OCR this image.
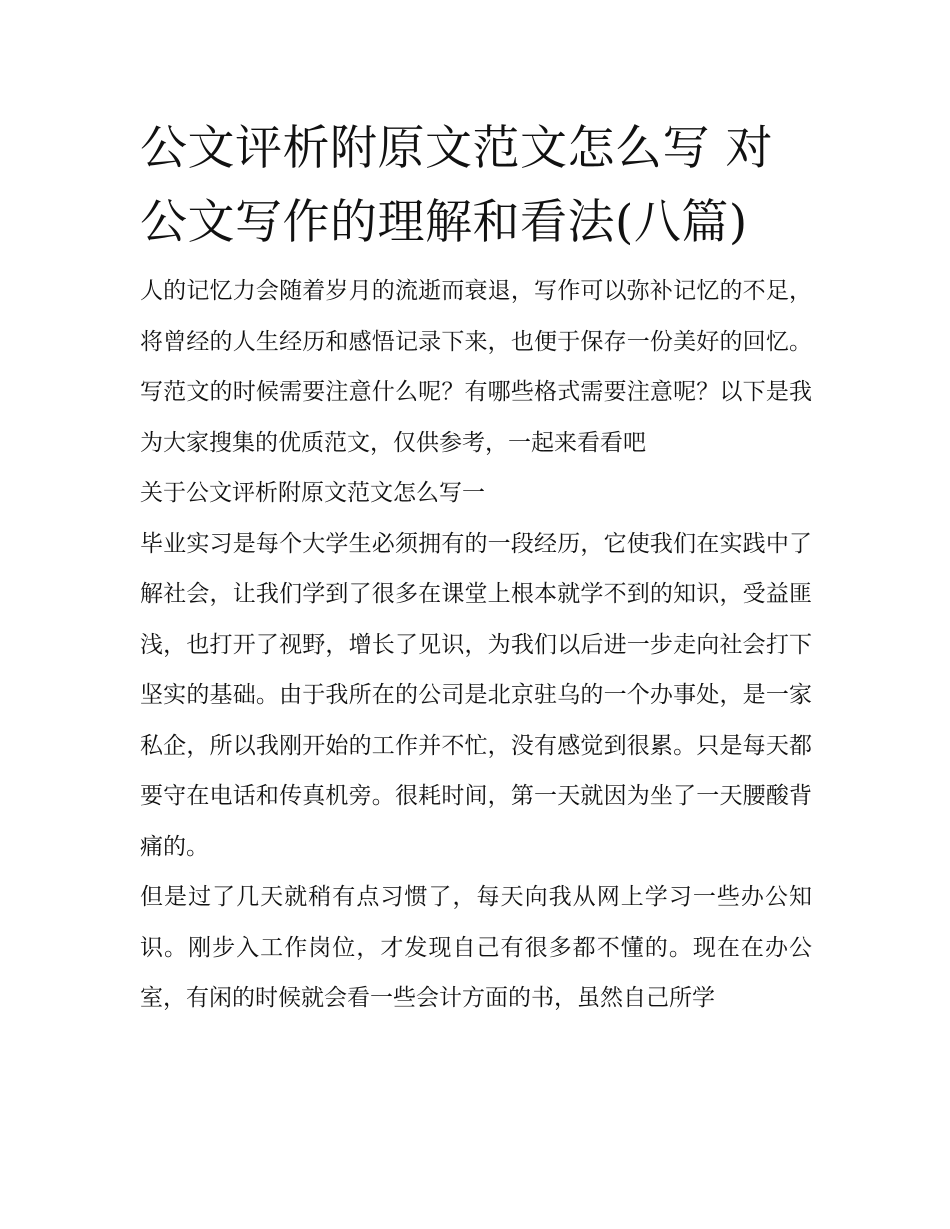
公文评析附原文范文怎么写 对公文写作的理解和看法(八篇)

人的记忆力会随着岁月的流逝而衰退，写作可以弥补记忆的不足，将曾经的人生经历和感悟记录下来，也便于保存一份美好的回忆。写范文的时候需要注意什么呢？有哪些格式需要注意呢？以下是我为大家搜集的优质范文，仅供参考，一起来看看吧

关于公文评析附原文范文怎么写一

毕业实习是每个大学生必须拥有的一段经历，它使我们在实践中了解社会，让我们学到了很多在课堂上根本就学不到的知识，受益匪浅，也打开了视野，增长了见识，为我们以后进一步走向社会打下坚实的基础。由于我所在的公司是北京驻乌的一个办事处，是一家私企，所以我刚开始的工作并不忙，没有感觉到很累。只是每天都要守在电话和传真机旁。很耗时间，第一天就因为坐了一天腰酸背痛的。

但是过了几天就稍有点习惯了，每天向我从网上学习一些办公知识。刚步入工作岗位，才发现自己有很多都不懂的。现在在办公室，有闲的时候就会看一些会计方面的书，虽然自己所学
